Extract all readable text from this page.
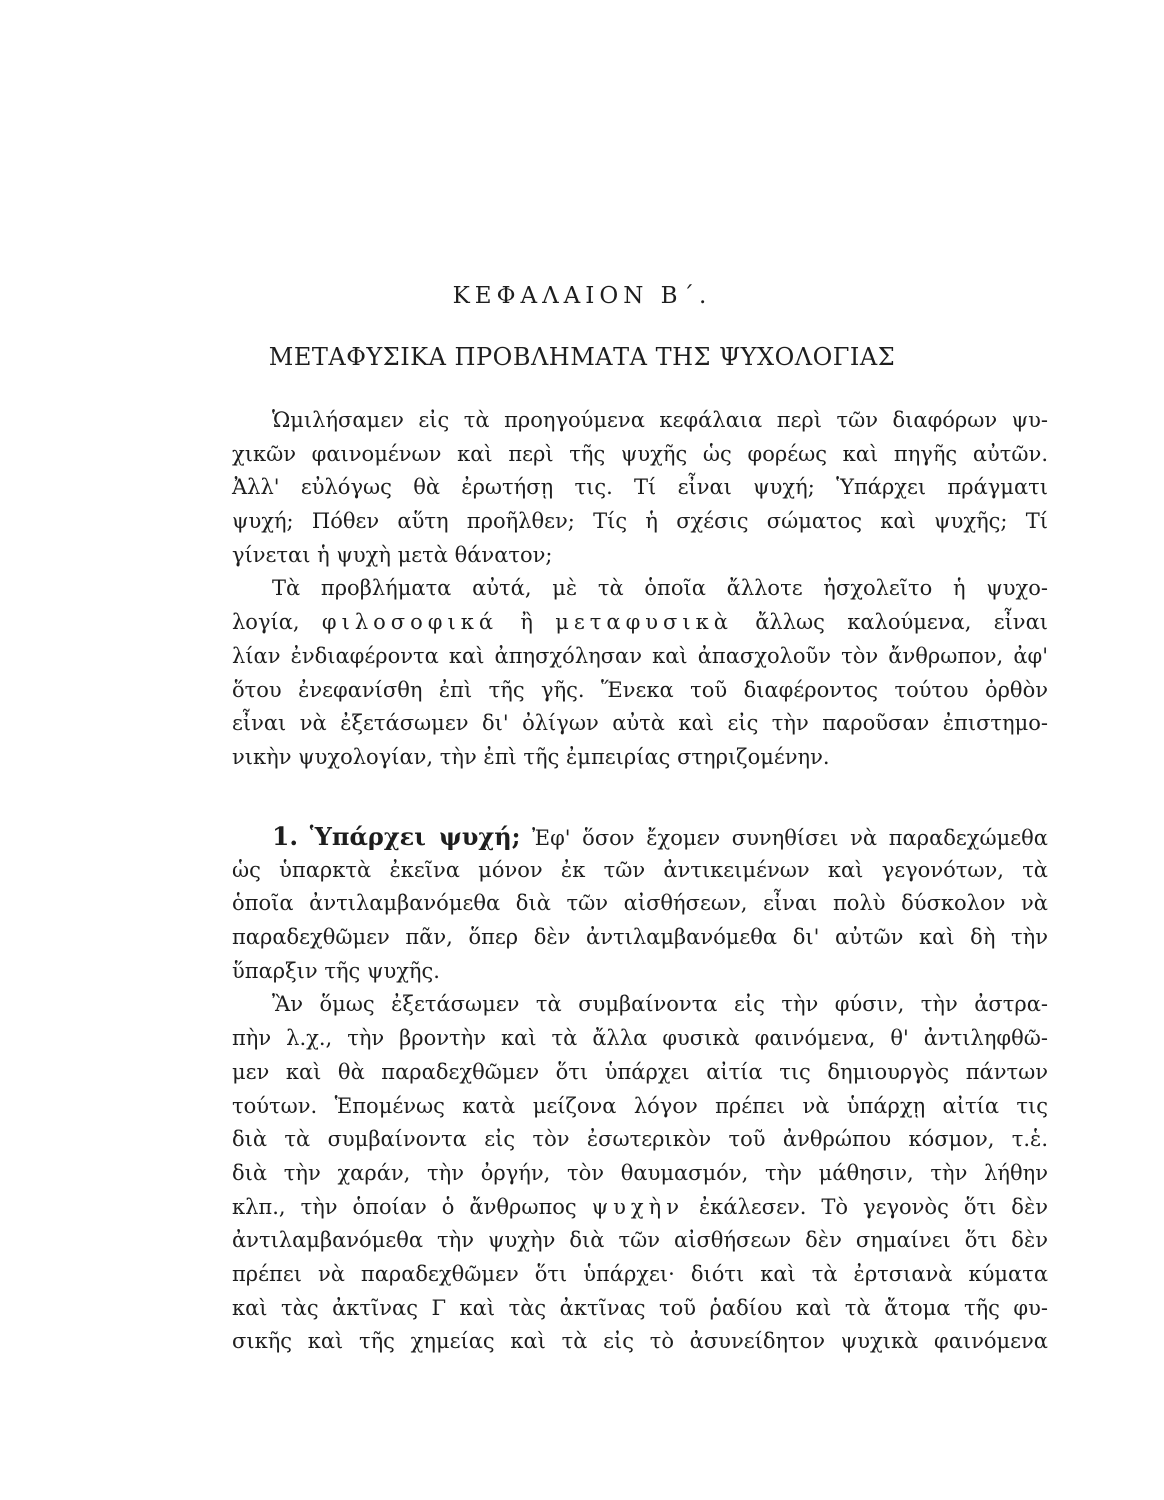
ΚΕΦΑΛΑΙΟΝ Β΄.
ΜΕΤΑΦΥΣΙΚΑ ΠΡΟΒΛΗΜΑΤΑ ΤΗΣ ΨΥΧΟΛΟΓΙΑΣ
Ὡμιλήσαμεν εἰς τὰ προηγούμενα κεφάλαια περὶ τῶν διαφόρων ψυ-
χικῶν φαινομένων καὶ περὶ τῆς ψυχῆς ὡς φορέως καὶ πηγῆς αὐτῶν.
Ἀλλ' εὐλόγως θὰ ἐρωτήσῃ τις. Τί εἶναι ψυχή; Ὑπάρχει πράγματι
ψυχή; Πόθεν αὕτη προῆλθεν; Τίς ἡ σχέσις σώματος καὶ ψυχῆς; Τί
γίνεται ἡ ψυχὴ μετὰ θάνατον;
Τὰ προβλήματα αὐτά, μὲ τὰ ὁποῖα ἄλλοτε ἠσχολεῖτο ἡ ψυχο-
λογία, φιλοσοφικά ἢ μεταφυσικὰ ἄλλως καλούμενα, εἶναι
λίαν ἐνδιαφέροντα καὶ ἀπησχόλησαν καὶ ἀπασχολοῦν τὸν ἄνθρωπον, ἀφ'
ὅτου ἐνεφανίσθη ἐπὶ τῆς γῆς. Ἕνεκα τοῦ διαφέροντος τούτου ὀρθὸν
εἶναι νὰ ἐξετάσωμεν δι' ὀλίγων αὐτὰ καὶ εἰς τὴν παροῦσαν ἐπιστημο-
νικὴν ψυχολογίαν, τὴν ἐπὶ τῆς ἐμπειρίας στηριζομένην.
1. Ὑπάρχει ψυχή; Ἐφ' ὅσον ἔχομεν συνηθίσει νὰ παραδεχώμεθα
ὡς ὑπαρκτὰ ἐκεῖνα μόνον ἐκ τῶν ἀντικειμένων καὶ γεγονότων, τὰ
ὁποῖα ἀντιλαμβανόμεθα διὰ τῶν αἰσθήσεων, εἶναι πολὺ δύσκολον νὰ
παραδεχθῶμεν πᾶν, ὅπερ δὲν ἀντιλαμβανόμεθα δι' αὐτῶν καὶ δὴ τὴν
ὕπαρξιν τῆς ψυχῆς.
Ἂν ὅμως ἐξετάσωμεν τὰ συμβαίνοντα εἰς τὴν φύσιν, τὴν ἀστρα-
πὴν λ.χ., τὴν βροντὴν καὶ τὰ ἄλλα φυσικὰ φαινόμενα, θ' ἀντιληφθῶ-
μεν καὶ θὰ παραδεχθῶμεν ὅτι ὑπάρχει αἰτία τις δημιουργὸς πάντων
τούτων. Ἑπομένως κατὰ μείζονα λόγον πρέπει νὰ ὑπάρχῃ αἰτία τις
διὰ τὰ συμβαίνοντα εἰς τὸν ἐσωτερικὸν τοῦ ἀνθρώπου κόσμον, τ.ἑ.
διὰ τὴν χαράν, τὴν ὀργήν, τὸν θαυμασμόν, τὴν μάθησιν, τὴν λήθην
κλπ., τὴν ὁποίαν ὁ ἄνθρωπος ψυχὴν ἐκάλεσεν. Τὸ γεγονὸς ὅτι δὲν
ἀντιλαμβανόμεθα τὴν ψυχὴν διὰ τῶν αἰσθήσεων δὲν σημαίνει ὅτι δὲν
πρέπει νὰ παραδεχθῶμεν ὅτι ὑπάρχει· διότι καὶ τὰ ἐρτσιανὰ κύματα
καὶ τὰς ἀκτῖνας Γ καὶ τὰς ἀκτῖνας τοῦ ῥαδίου καὶ τὰ ἄτομα τῆς φυ-
σικῆς καὶ τῆς χημείας καὶ τὰ εἰς τὸ ἀσυνείδητον ψυχικὰ φαινόμενα
